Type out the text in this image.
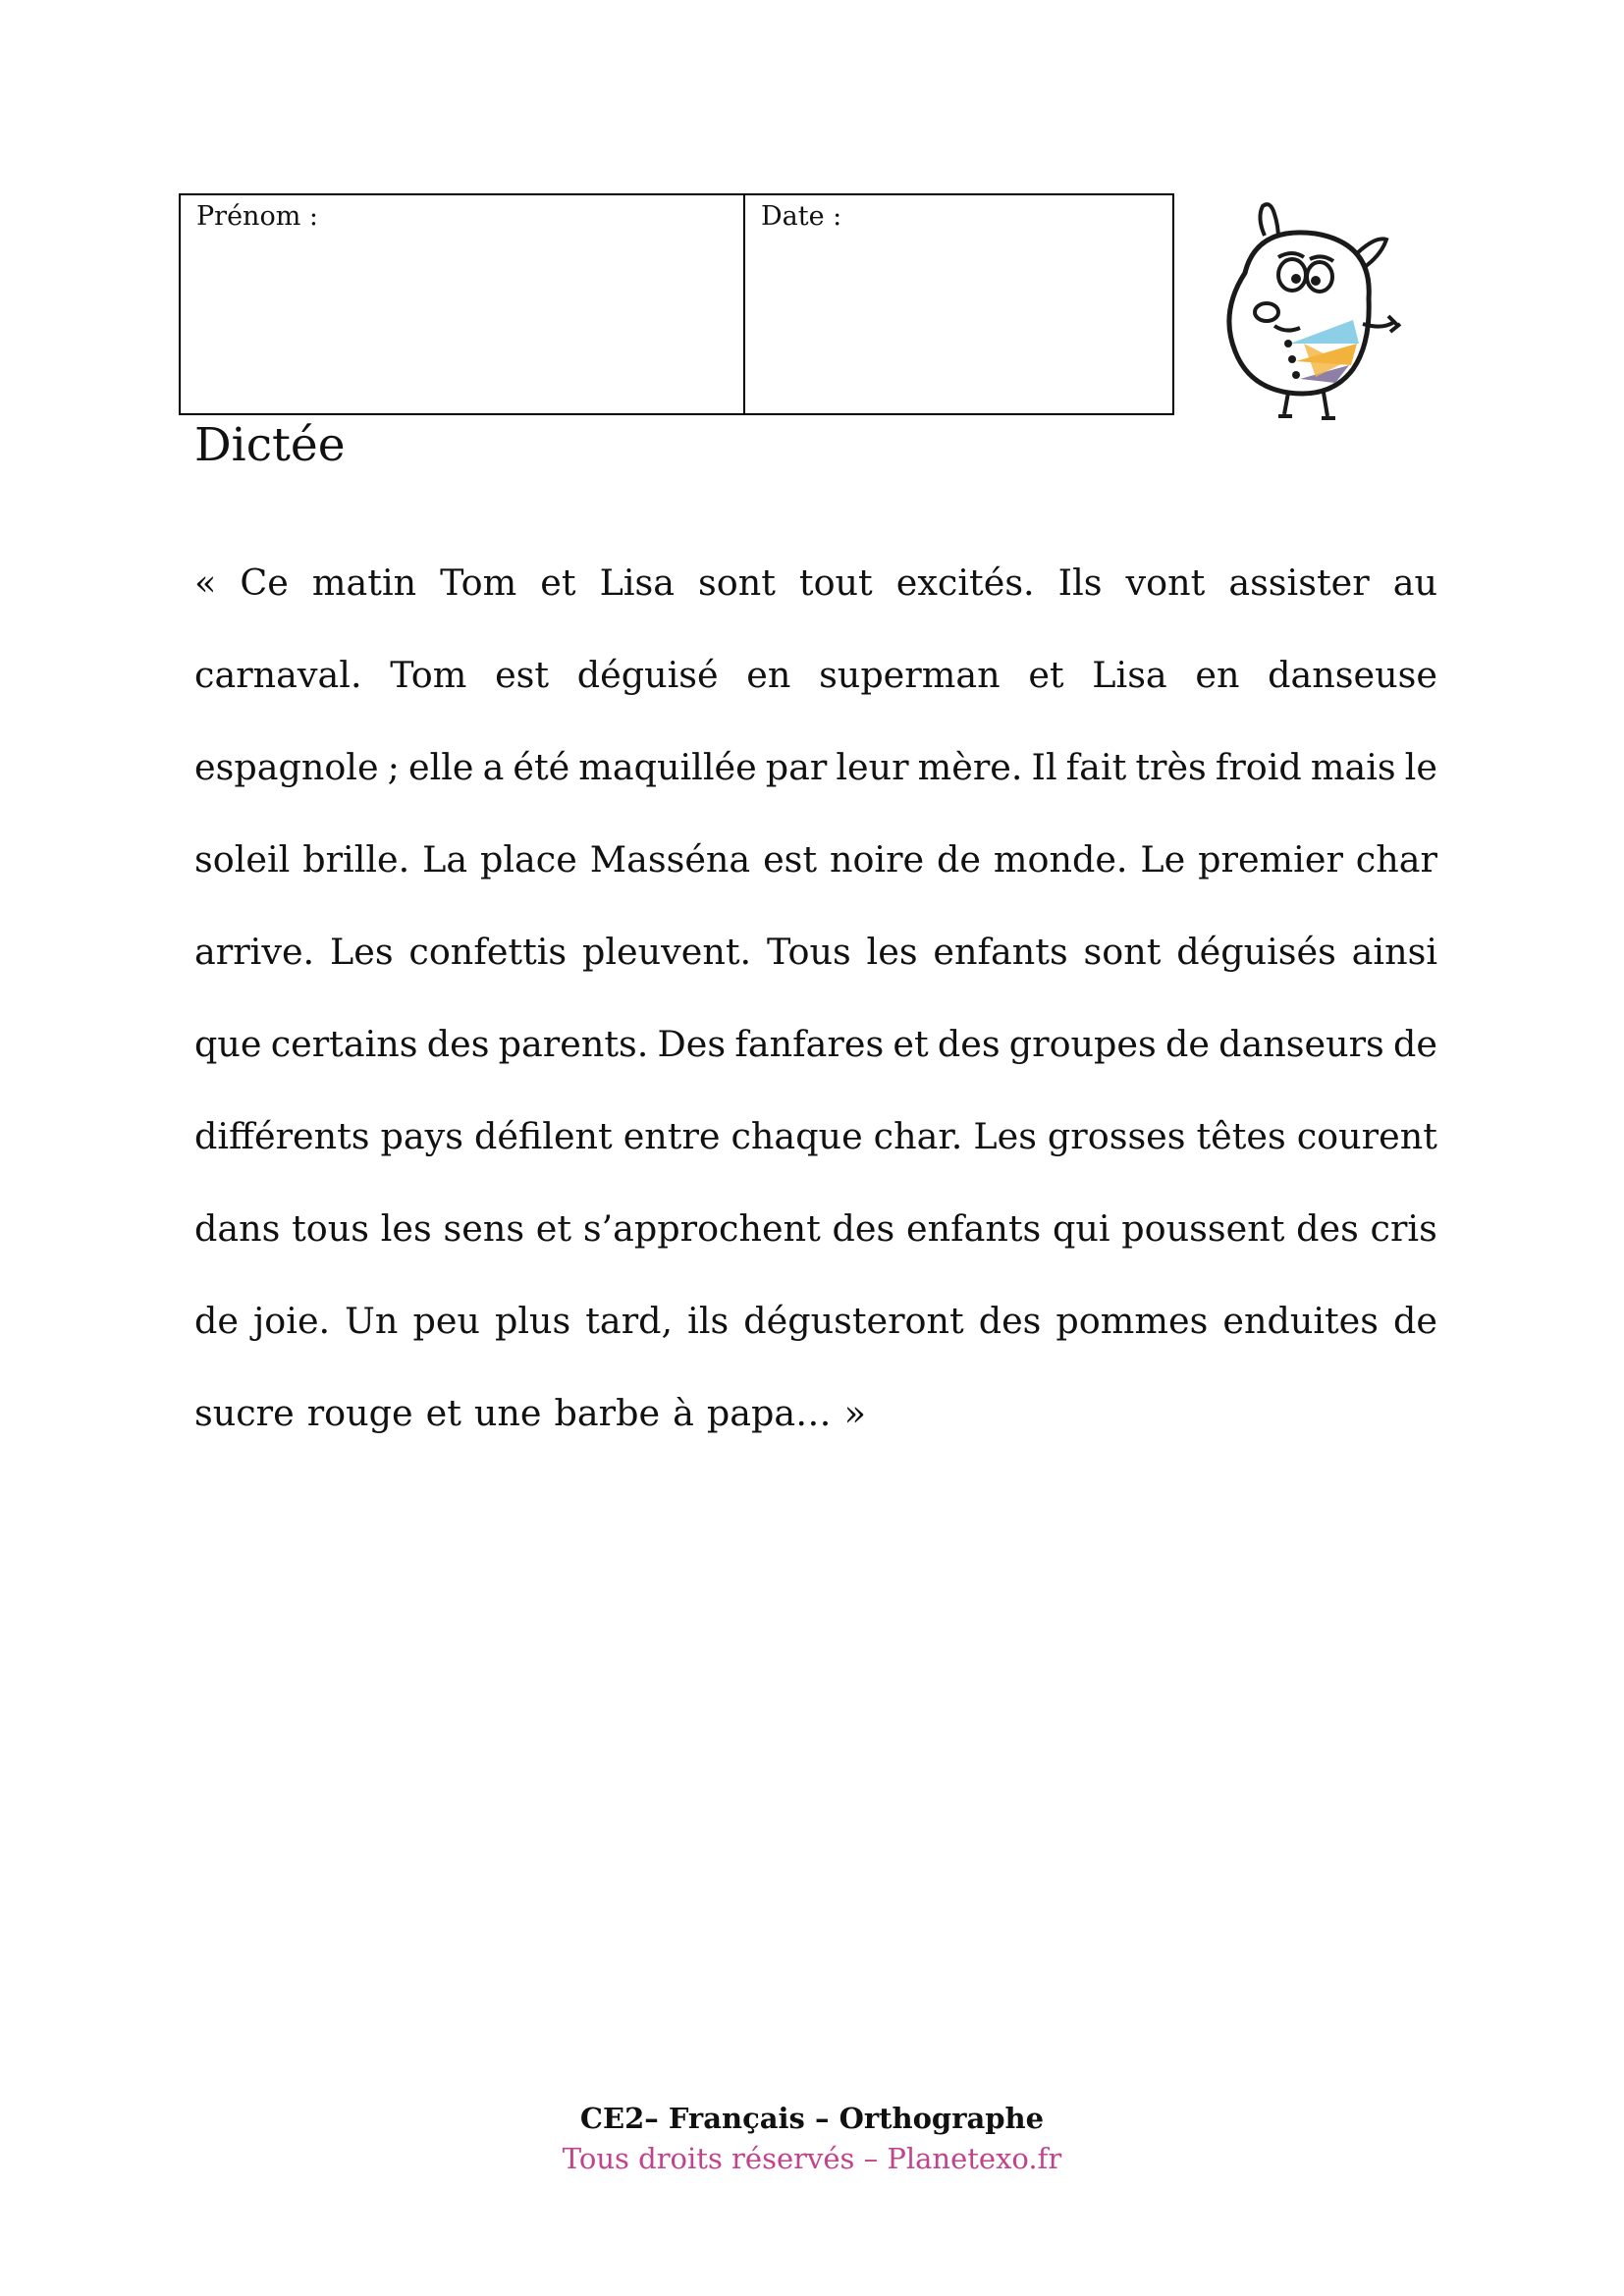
Prénom :	Date :
Dictée
« Ce matin Tom et Lisa sont tout excités. Ils vont assister au
carnaval. Tom est déguisé en superman et Lisa en danseuse
espagnole ; elle a été maquillée par leur mère. Il fait très froid mais le
soleil brille. La place Masséna est noire de monde. Le premier char
arrive. Les confettis pleuvent. Tous les enfants sont déguisés ainsi
que certains des parents. Des fanfares et des groupes de danseurs de
différents pays défilent entre chaque char. Les grosses têtes courent
dans tous les sens et s’approchent des enfants qui poussent des cris
de joie. Un peu plus tard, ils dégusteront des pommes enduites de
sucre rouge et une barbe à papa… »
CE2– Français – Orthographe
Tous droits réservés – Planetexo.fr
